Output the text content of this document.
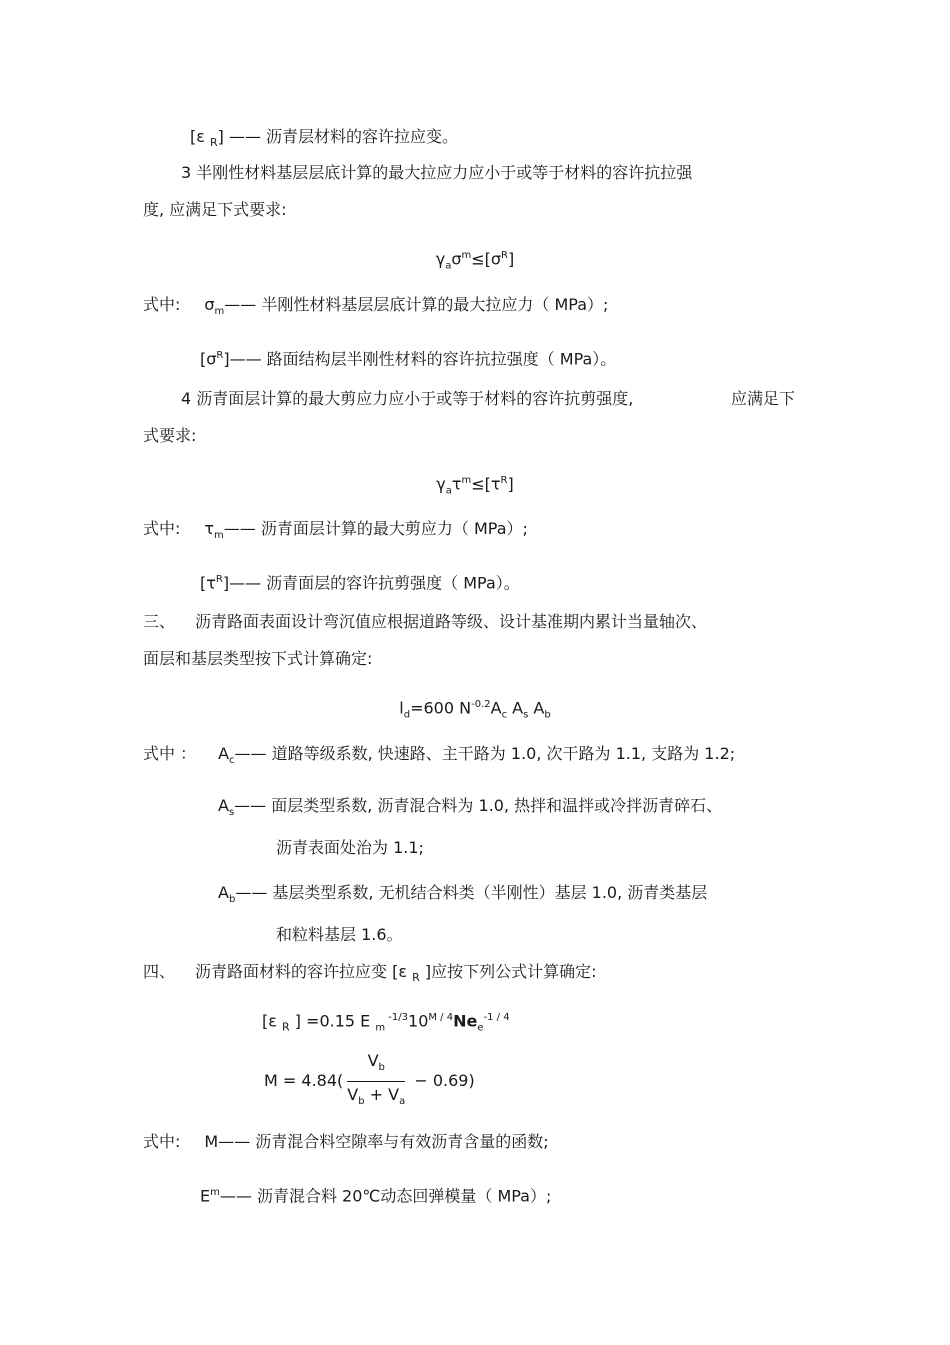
[ε $_R$] —— 沥青层材料的容许拉应变。
3 半刚性材料基层层底计算的最大拉应力应小于或等于材料的容许抗拉强
度, 应满足下式要求:
$\gamma_a\sigma^m\le[\sigma^R]$
式中: $\sigma_m——$ 半刚性材料基层层底计算的最大拉应力（ MPa）;
$[\sigma^R]——$ 路面结构层半刚性材料的容许抗拉强度（ MPa）。
4 沥青面层计算的最大剪应力应小于或等于材料的容许抗剪强度,	应满足下
式要求:
$\gamma_a\tau^m\le[\tau^R]$
式中: $\tau_m——$ 沥青面层计算的最大剪应力（ MPa）;
$[\tau^R]——$ 沥青面层的容许抗剪强度（ MPa）。
三、 沥青路面表面设计弯沉值应根据道路等级、设计基准期内累计当量轴次、
面层和基层类型按下式计算确定:
$l_d=600$ $N^{-0.2}A_c$ $A_s$ $A_b$
式中 ： $A_c——$ 道路等级系数, 快速路、主干路为 1.0, 次干路为 1.1, 支路为 1.2;
$A_s——$ 面层类型系数, 沥青混合料为 1.0, 热拌和温拌或冷拌沥青碎石、
沥青表面处治为 1.1;
$A_b——$ 基层类型系数, 无机结合料类（半刚性）基层 1.0, 沥青类基层
和粒料基层 1.6。
四、 沥青路面材料的容许拉应变 [ε $_R$ ]应按下列公式计算确定:
[ε $_R$ ] =0.15 E $_m$ $^{-1/3}10^{M / 4}Ne_e^{-1 / 4}$
$M = 4.84( \frac{V_b}{V_b + V_a} - 0.69)$
式中: M—— 沥青混合料空隙率与有效沥青含量的函数;
$E^m——$ 沥青混合料 20℃动态回弹模量（ MPa）;
